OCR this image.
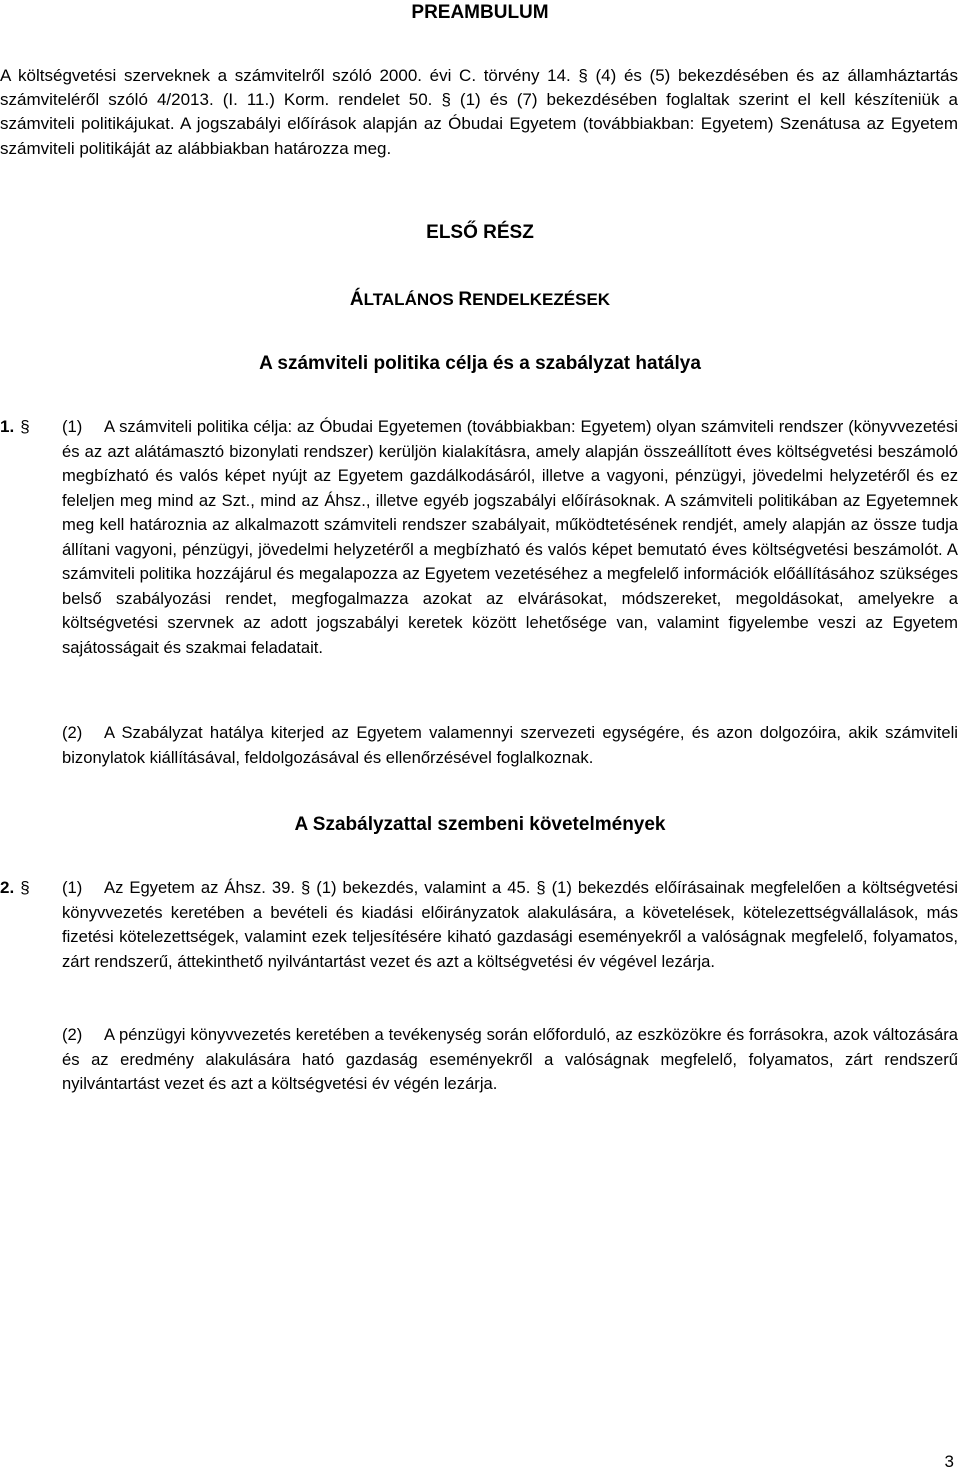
PREAMBULUM

A költségvetési szerveknek a számvitelről szóló 2000. évi C. törvény 14. § (4) és (5) bekezdésében és az államháztartás számviteléről szóló 4/2013. (I. 11.) Korm. rendelet 50. § (1) és (7) bekezdésében foglaltak szerint el kell készíteniük a számviteli politikájukat. A jogszabályi előírások alapján az Óbudai Egyetem (továbbiakban: Egyetem) Szenátusa az Egyetem számviteli politikáját az alábbiakban határozza meg.

ELSŐ RÉSZ
ÁLTALÁNOS RENDELKEZÉSEK
A számviteli politika célja és a szabályzat hatálya
1. § (1) A számviteli politika célja: az Óbudai Egyetemen (továbbiakban: Egyetem) olyan számviteli rendszer (könyvvezetési és az azt alátámasztó bizonylati rendszer) kerüljön kialakításra, amely alapján összeállított éves költségvetési beszámoló megbízható és valós képet nyújt az Egyetem gazdálkodásáról, illetve a vagyoni, pénzügyi, jövedelmi helyzetéről és ez feleljen meg mind az Szt., mind az Áhsz., illetve egyéb jogszabályi előírásoknak. A számviteli politikában az Egyetemnek meg kell határoznia az alkalmazott számviteli rendszer szabályait, működtetésének rendjét, amely alapján az össze tudja állítani vagyoni, pénzügyi, jövedelmi helyzetéről a megbízható és valós képet bemutató éves költségvetési beszámolót. A számviteli politika hozzájárul és megalapozza az Egyetem vezetéséhez a megfelelő információk előállításához szükséges belső szabályozási rendet, megfogalmazza azokat az elvárásokat, módszereket, megoldásokat, amelyekre a költségvetési szervnek az adott jogszabályi keretek között lehetősége van, valamint figyelembe veszi az Egyetem sajátosságait és szakmai feladatait.

(2) A Szabályzat hatálya kiterjed az Egyetem valamennyi szervezeti egységére, és azon dolgozóira, akik számviteli bizonylatok kiállításával, feldolgozásával és ellenőrzésével foglalkoznak.

A Szabályzattal szembeni követelmények
2. § (1) Az Egyetem az Áhsz. 39. § (1) bekezdés, valamint a 45. § (1) bekezdés előírásainak megfelelően a költségvetési könyvvezetés keretében a bevételi és kiadási előirányzatok alakulására, a követelések, kötelezettségvállalások, más fizetési kötelezettségek, valamint ezek teljesítésére kiható gazdasági eseményekről a valóságnak megfelelő, folyamatos, zárt rendszerű, áttekinthető nyilvántartást vezet és azt a költségvetési év végével lezárja.

(2) A pénzügyi könyvvezetés keretében a tevékenység során előforduló, az eszközökre és forrásokra, azok változására és az eredmény alakulására ható gazdaság eseményekről a valóságnak megfelelő, folyamatos, zárt rendszerű nyilvántartást vezet és azt a költségvetési év végén lezárja.

3
